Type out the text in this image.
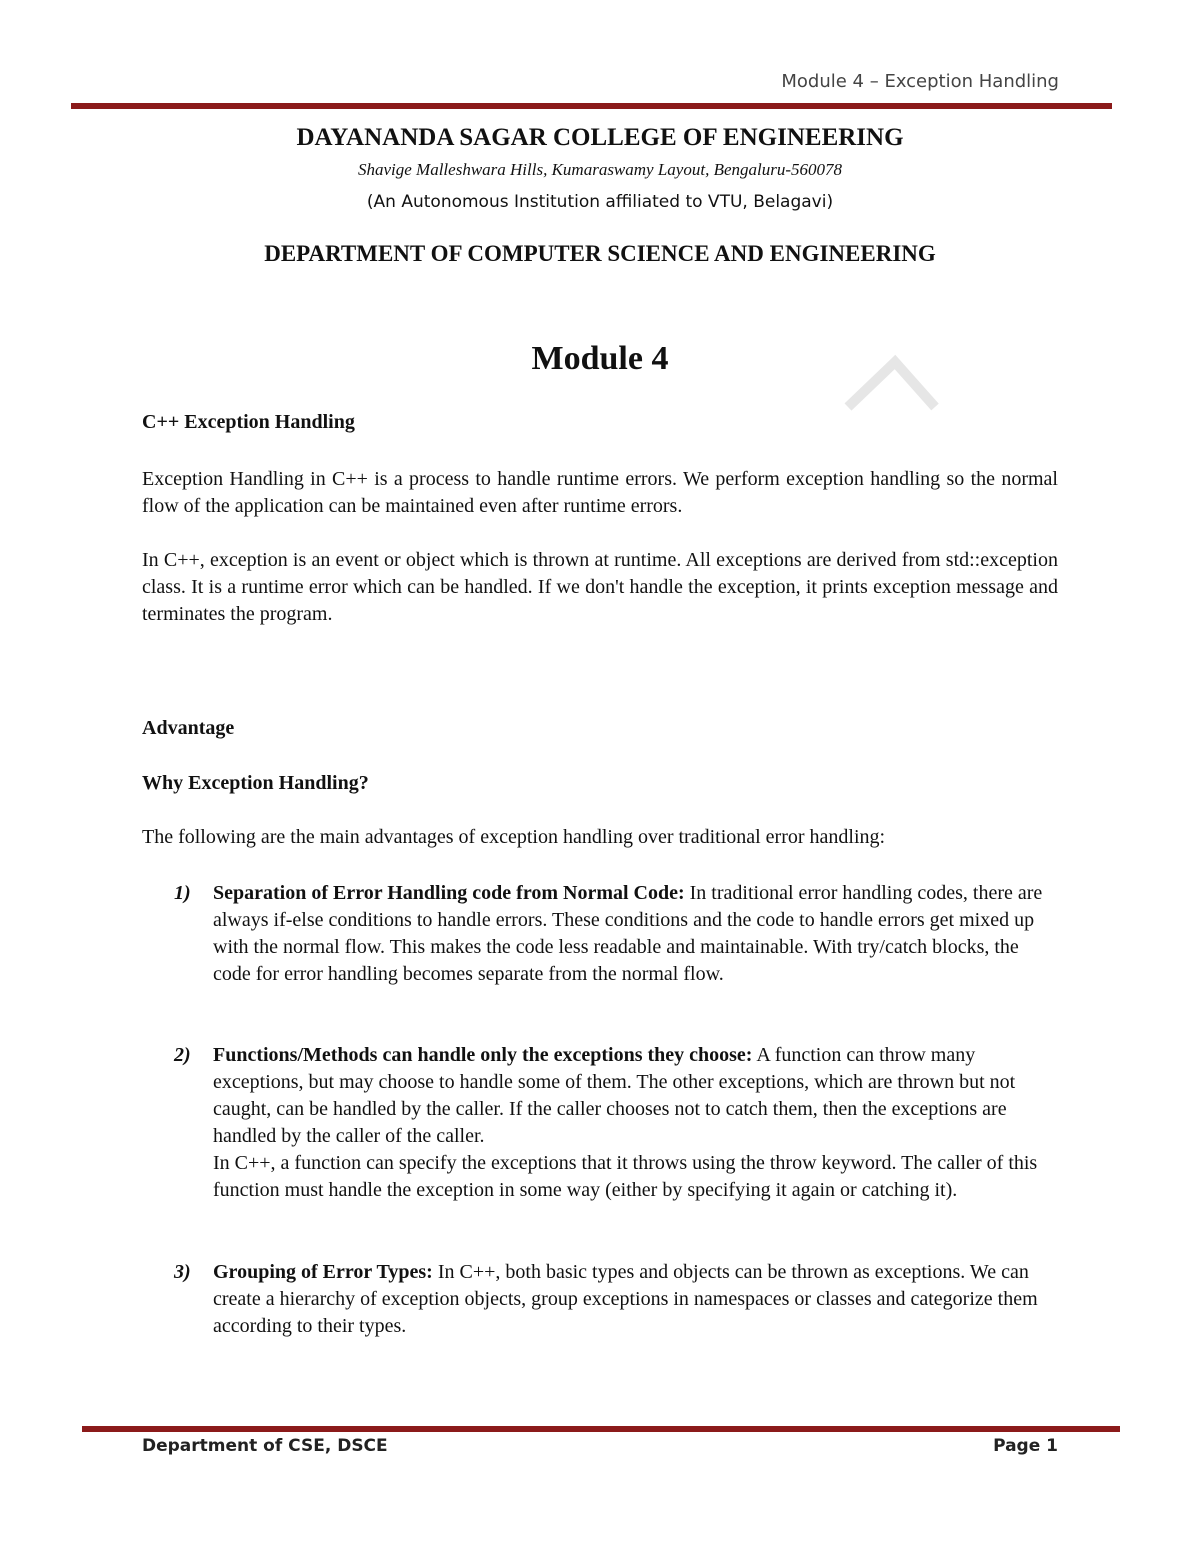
Module 4 – Exception Handling
DAYANANDA SAGAR COLLEGE OF ENGINEERING
Shavige Malleshwara Hills, Kumaraswamy Layout, Bengaluru-560078
(An Autonomous Institution affiliated to VTU, Belagavi)
DEPARTMENT OF COMPUTER SCIENCE AND ENGINEERING
Module 4
C++ Exception Handling

Exception Handling in C++ is a process to handle runtime errors. We perform exception handling so the normal flow of the application can be maintained even after runtime errors.

In C++, exception is an event or object which is thrown at runtime. All exceptions are derived from std::exception class. It is a runtime error which can be handled. If we don't handle the exception, it prints exception message and terminates the program.

Advantage
Why Exception Handling?
The following are the main advantages of exception handling over traditional error handling:
1) Separation of Error Handling code from Normal Code: In traditional error handling codes, there are always if-else conditions to handle errors. These conditions and the code to handle errors get mixed up with the normal flow. This makes the code less readable and maintainable. With try/catch blocks, the code for error handling becomes separate from the normal flow.

2) Functions/Methods can handle only the exceptions they choose: A function can throw many exceptions, but may choose to handle some of them. The other exceptions, which are thrown but not caught, can be handled by the caller. If the caller chooses not to catch them, then the exceptions are handled by the caller of the caller.
In C++, a function can specify the exceptions that it throws using the throw keyword. The caller of this function must handle the exception in some way (either by specifying it again or catching it).

3) Grouping of Error Types: In C++, both basic types and objects can be thrown as exceptions. We can create a hierarchy of exception objects, group exceptions in namespaces or classes and categorize them according to their types.

Department of CSE, DSCE	Page 1
